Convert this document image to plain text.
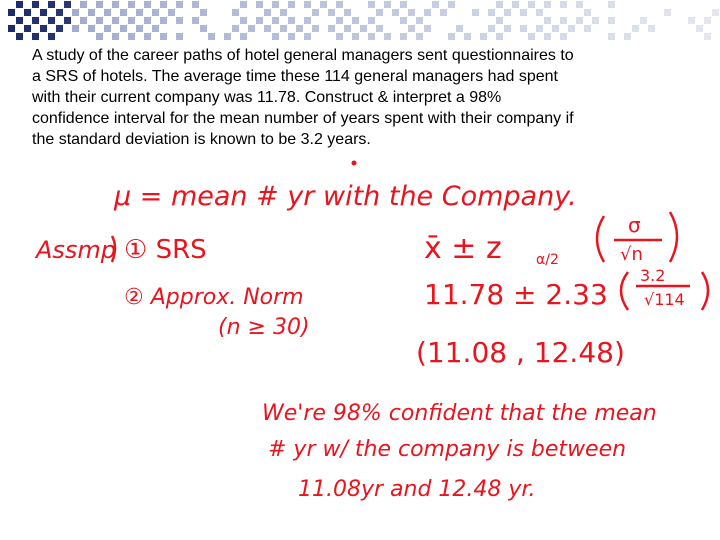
A study of the career paths of hotel general managers sent questionnaires to
a SRS of hotels. The average time these 114 general managers had spent
with their current company was 11.78. Construct & interpret a 98%
confidence interval for the mean number of years spent with their company if
the standard deviation is known to be 3.2 years.
μ = mean # yr with the Company.
Assmp ① SRS
② Approx. Norm
(n ≥ 30)
x̄ ± z α/2
σ
√n
11.78 ± 2.33
3.2
√114
(11.08 , 12.48)
We're 98% confident that the mean
# yr w/ the company is between
11.08yr and 12.48 yr.
